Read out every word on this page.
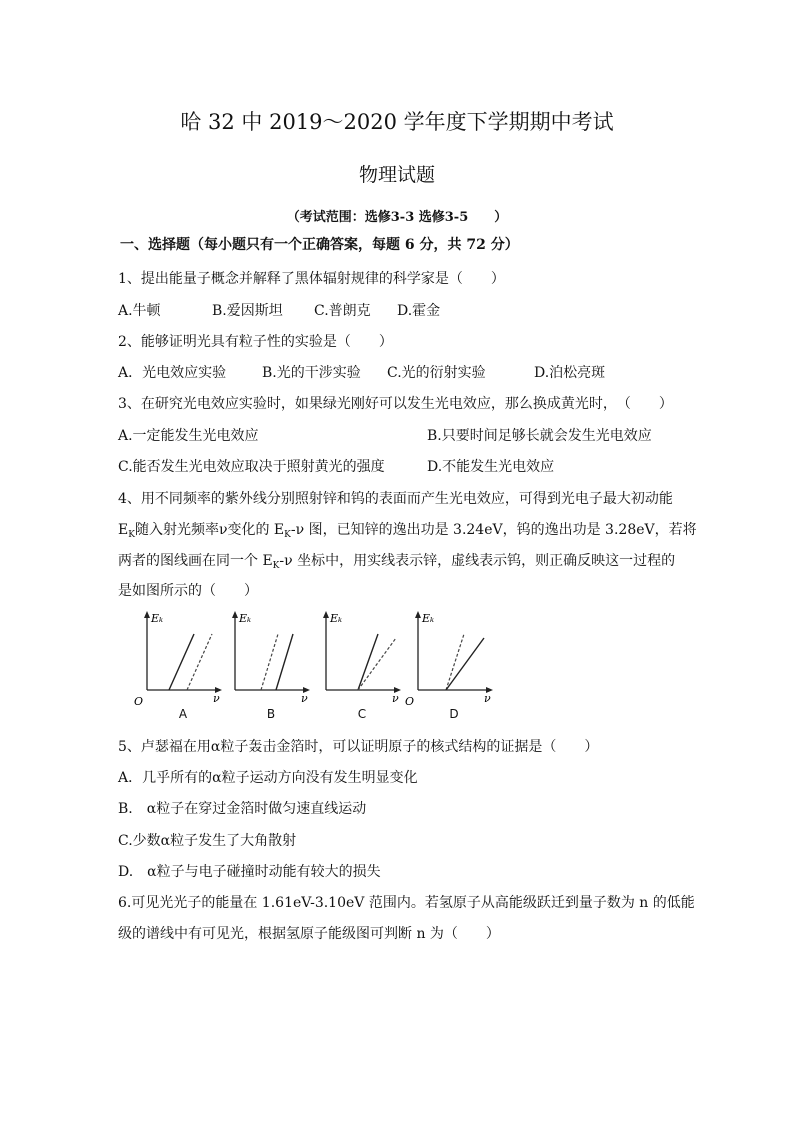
哈 32 中 2019～2020 学年度下学期期中考试
物理试题
（考试范围：选修3-3 选修3-5　　）
一、选择题（每小题只有一个正确答案，每题 6 分，共 72 分）
1、提出能量子概念并解释了黑体辐射规律的科学家是（　　）
A.牛顿	B.爱因斯坦 C.普朗克 D.霍金
2、能够证明光具有粒子性的实验是（　　）
A．光电效应实验	B.光的干涉实验 C.光的衍射实验	D.泊松亮斑
3、在研究光电效应实验时，如果绿光刚好可以发生光电效应，那么换成黄光时，　（　　）
A.一定能发生光电效应	B.只要时间足够长就会发生光电效应
C.能否发生光电效应取决于照射黄光的强度	D.不能发生光电效应
4、用不同频率的紫外线分别照射锌和钨的表面而产生光电效应，可得到光电子最大初动能
$E_K$随入射光频率ν变化的 $E_K-\nu$ 图，已知锌的逸出功是 3.24eV，钨的逸出功是 3.28eV，若将
两者的图线画在同一个 $E_K-\nu$ 坐标中，用实线表示锌，虚线表示钨，则正确反映这一过程的
是如图所示的（　　）
Eₖ
ν
O
A
Eₖ
ν
B
Eₖ
ν
C
Eₖ
ν
O
D
5、卢瑟福在用α粒子轰击金箔时，可以证明原子的核式结构的证据是（　　）
A．几乎所有的α粒子运动方向没有发生明显变化
B.　α粒子在穿过金箔时做匀速直线运动
C.少数α粒子发生了大角散射
D.　α粒子与电子碰撞时动能有较大的损失
6.可见光光子的能量在 1.61eV-3.10eV 范围内。若氢原子从高能级跃迁到量子数为 n 的低能
级的谱线中有可见光，根据氢原子能级图可判断 n 为（　　）
